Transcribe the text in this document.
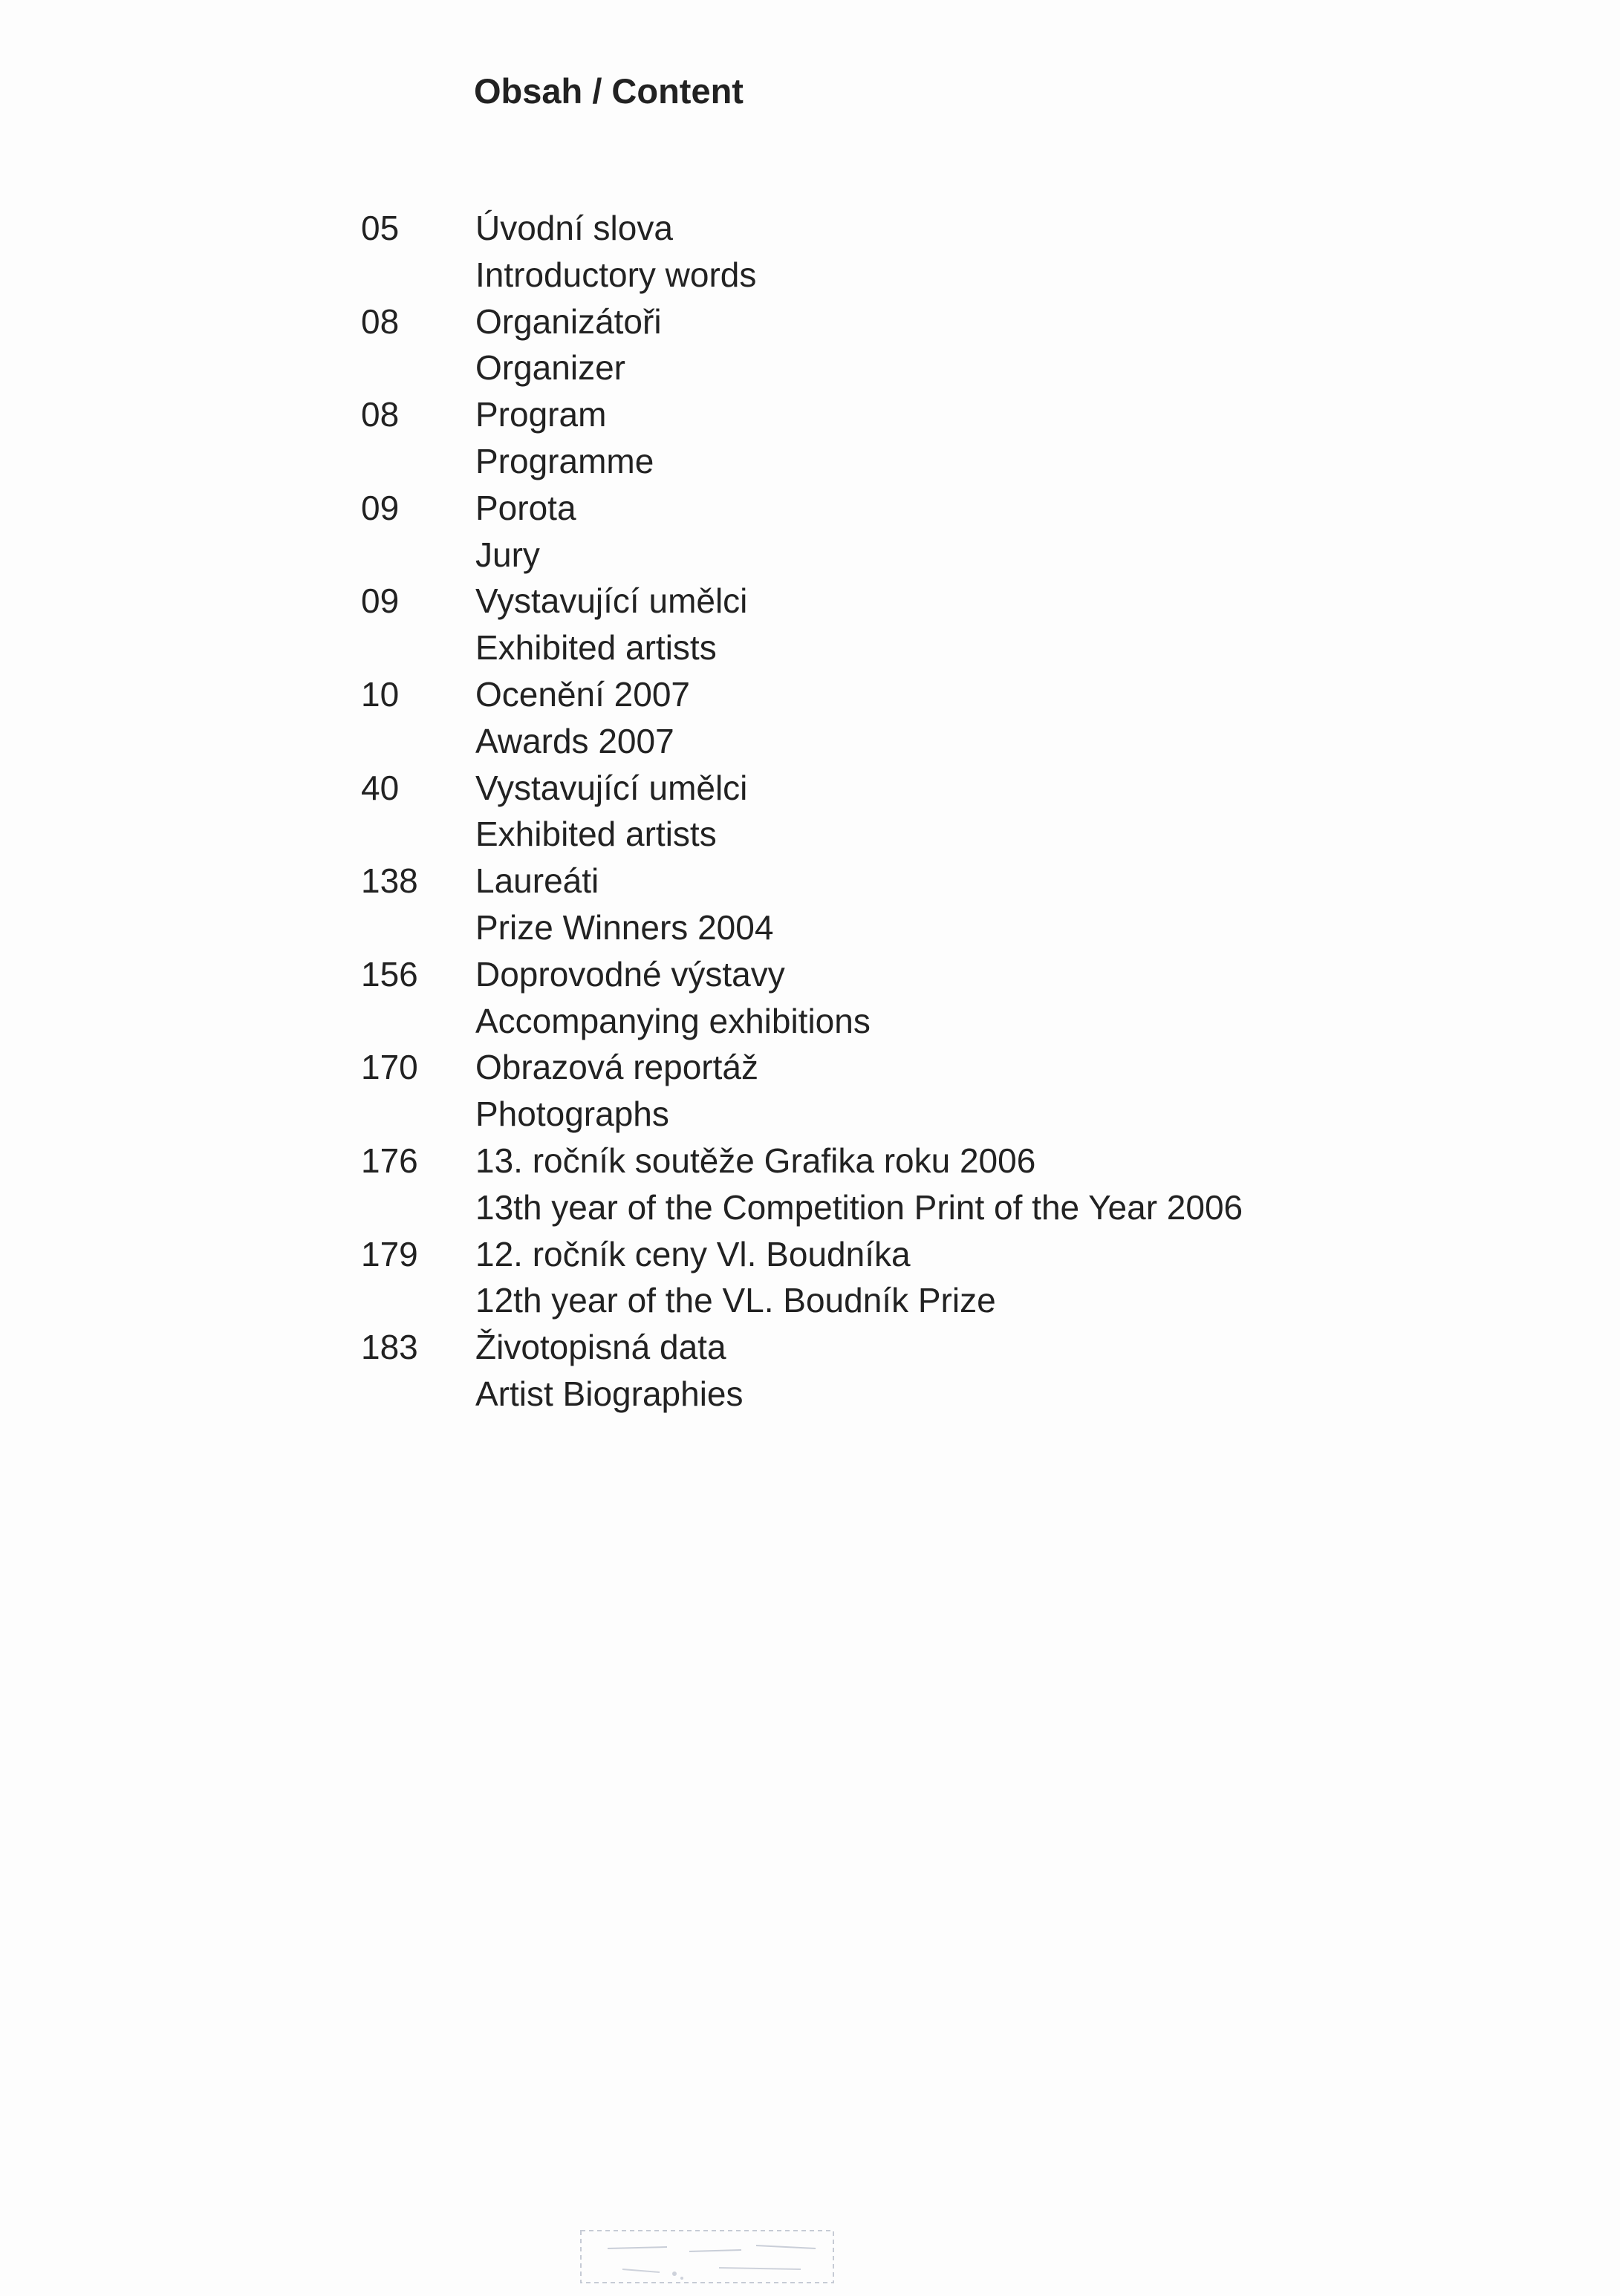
Obsah / Content
05	Úvodní slova
Introductory words
08	Organizátoři
Organizer
08	Program
Programme
09	Porota
Jury
09	Vystavující umělci
Exhibited artists
10	Ocenění 2007
Awards 2007
40	Vystavující umělci
Exhibited artists
138	Laureáti
Prize Winners 2004
156	Doprovodné výstavy
Accompanying exhibitions
170	Obrazová reportáž
Photographs
176	13. ročník soutěže Grafika roku 2006
13th year of the Competition Print of the Year 2006
179	12. ročník ceny Vl. Boudníka
12th year of the VL. Boudník Prize
183	Životopisná data
Artist Biographies
